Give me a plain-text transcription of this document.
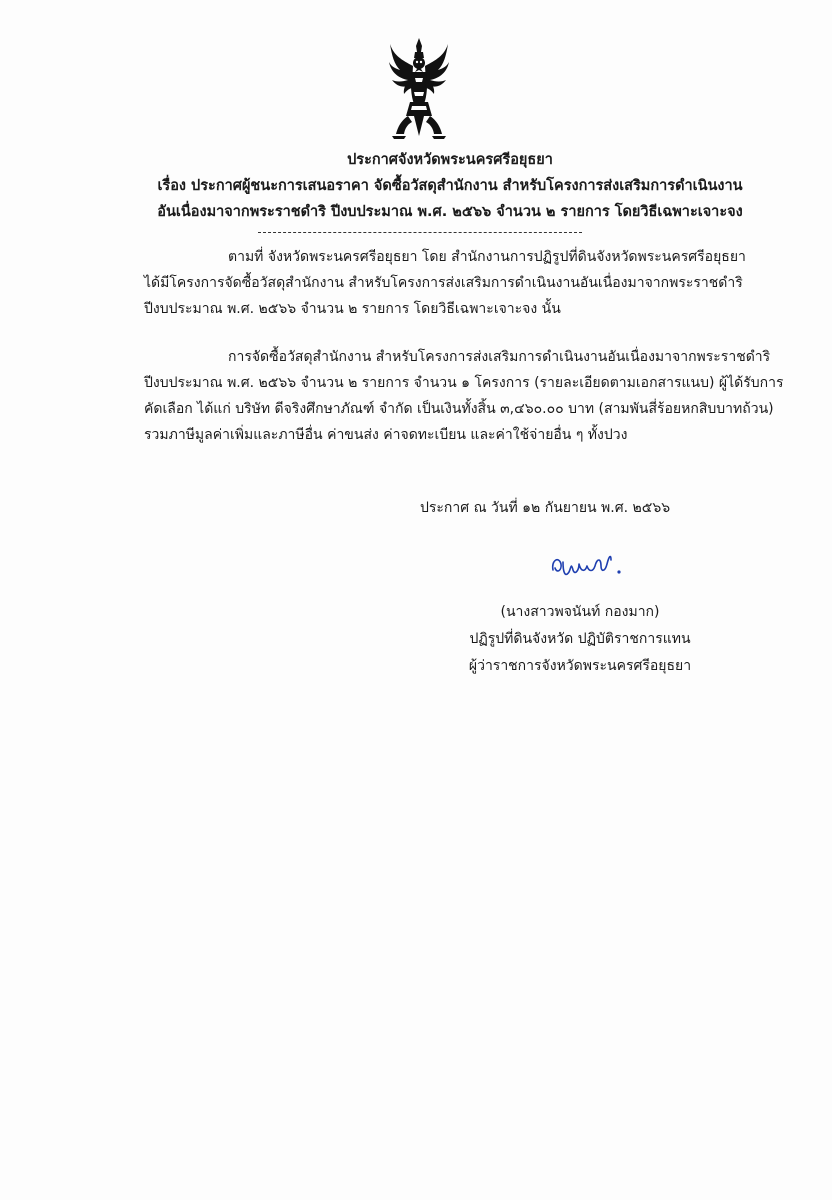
ประกาศจังหวัดพระนครศรีอยุธยา
เรื่อง ประกาศผู้ชนะการเสนอราคา จัดซื้อวัสดุสำนักงาน สำหรับโครงการส่งเสริมการดำเนินงาน
อันเนื่องมาจากพระราชดำริ ปีงบประมาณ พ.ศ. ๒๕๖๖ จำนวน ๒ รายการ โดยวิธีเฉพาะเจาะจง
ตามที่ จังหวัดพระนครศรีอยุธยา โดย สำนักงานการปฏิรูปที่ดินจังหวัดพระนครศรีอยุธยา
ได้มีโครงการจัดซื้อวัสดุสำนักงาน สำหรับโครงการส่งเสริมการดำเนินงานอันเนื่องมาจากพระราชดำริ
ปีงบประมาณ พ.ศ. ๒๕๖๖ จำนวน ๒ รายการ โดยวิธีเฉพาะเจาะจง นั้น
การจัดซื้อวัสดุสำนักงาน สำหรับโครงการส่งเสริมการดำเนินงานอันเนื่องมาจากพระราชดำริ
ปีงบประมาณ พ.ศ. ๒๕๖๖ จำนวน ๒ รายการ จำนวน ๑ โครงการ (รายละเอียดตามเอกสารแนบ) ผู้ได้รับการ
คัดเลือก ได้แก่ บริษัท ดีจริงศึกษาภัณฑ์ จำกัด เป็นเงินทั้งสิ้น ๓,๔๖๐.๐๐ บาท (สามพันสี่ร้อยหกสิบบาทถ้วน)
รวมภาษีมูลค่าเพิ่มและภาษีอื่น ค่าขนส่ง ค่าจดทะเบียน และค่าใช้จ่ายอื่น ๆ ทั้งปวง
ประกาศ ณ วันที่ ๑๒ กันยายน พ.ศ. ๒๕๖๖
(นางสาวพจนันท์ กองมาก)
ปฏิรูปที่ดินจังหวัด ปฏิบัติราชการแทน
ผู้ว่าราชการจังหวัดพระนครศรีอยุธยา
